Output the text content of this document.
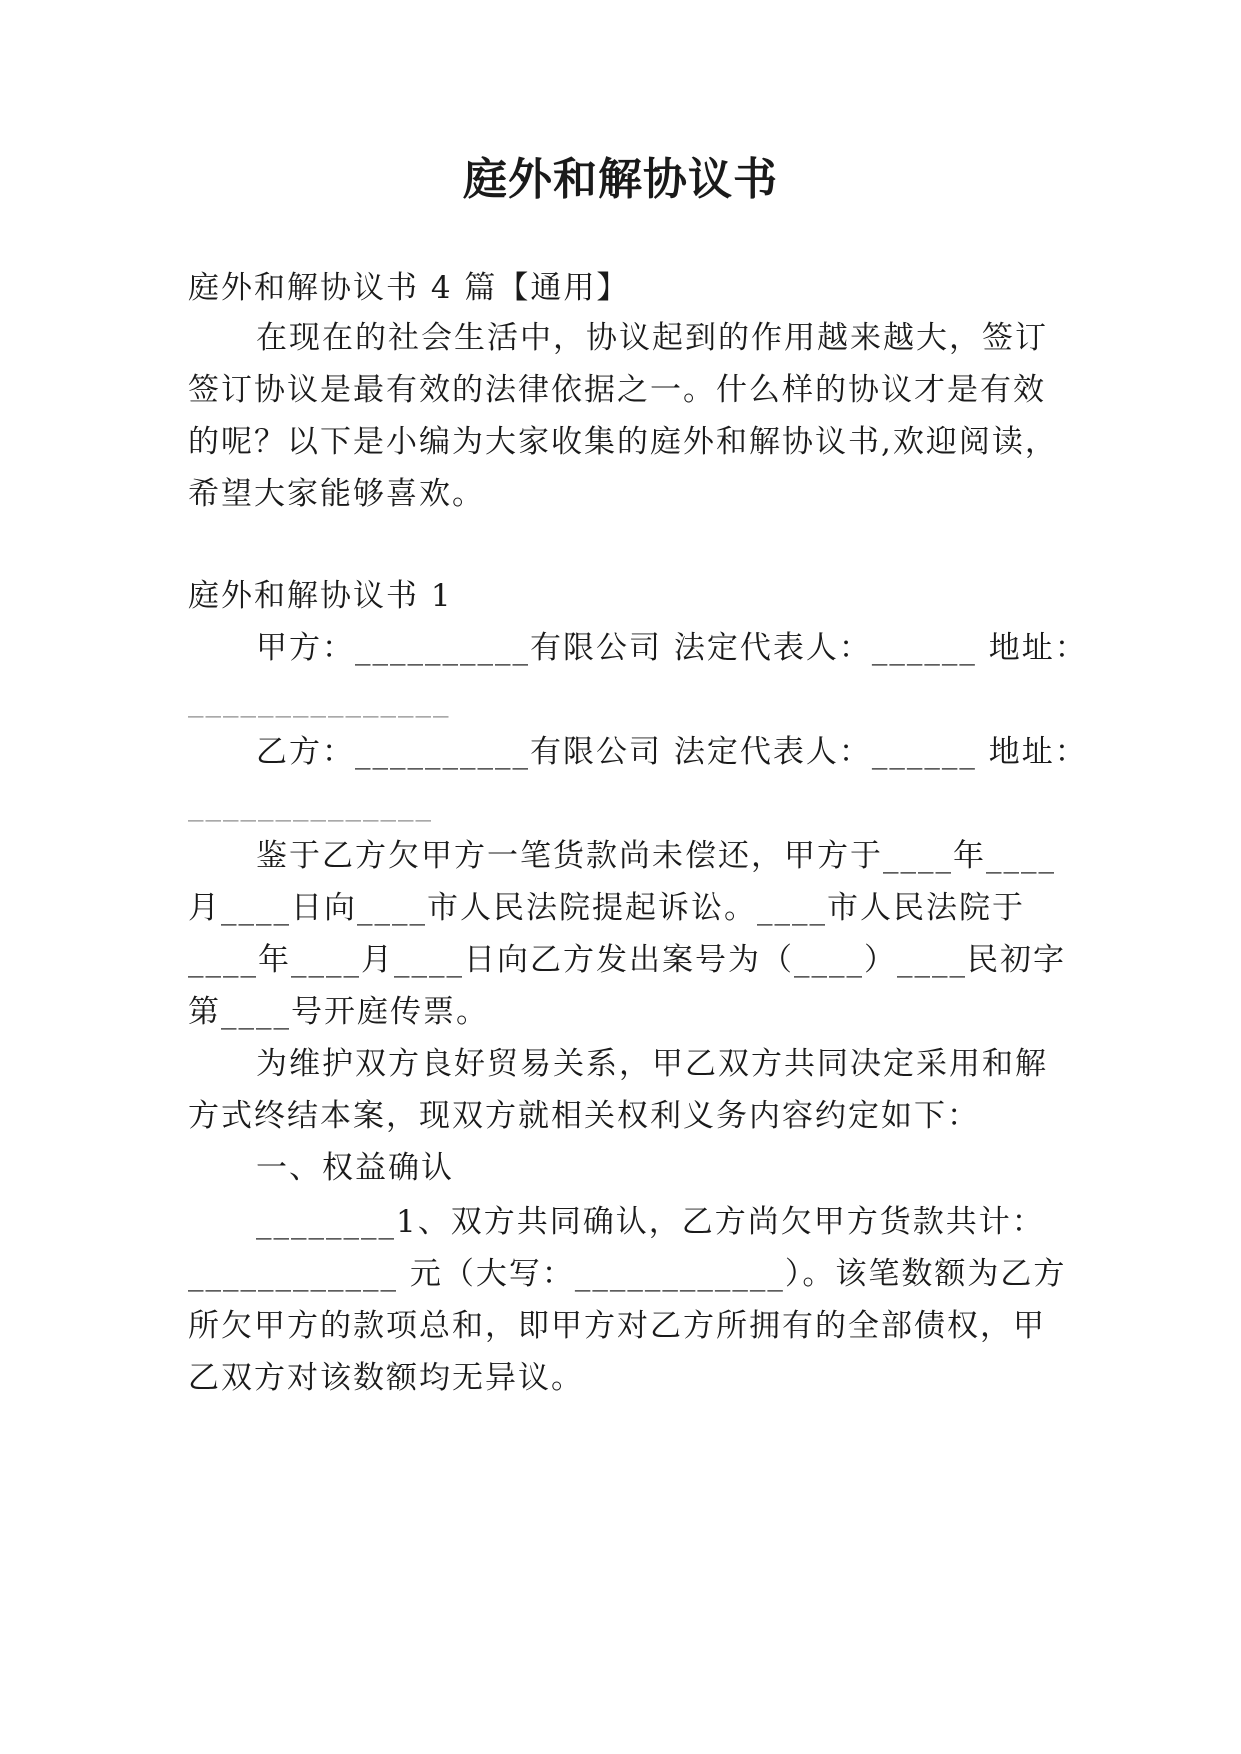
庭外和解协议书
庭外和解协议书 4 篇【通用】
在现在的社会生活中，协议起到的作用越来越大，签订
签订协议是最有效的法律依据之一。什么样的协议才是有效
的呢？以下是小编为大家收集的庭外和解协议书,欢迎阅读，
希望大家能够喜欢。
庭外和解协议书 1
甲方：__________有限公司 法定代表人：______ 地址：
_______________
乙方：__________有限公司 法定代表人：______ 地址：
______________
鉴于乙方欠甲方一笔货款尚未偿还，甲方于____年____
月____日向____市人民法院提起诉讼。____市人民法院于
____年____月____日向乙方发出案号为（____）____民初字
第____号开庭传票。
为维护双方良好贸易关系，甲乙双方共同决定采用和解
方式终结本案，现双方就相关权利义务内容约定如下：
一、权益确认
________1、双方共同确认，乙方尚欠甲方货款共计：
____________ 元（大写：____________）。该笔数额为乙方
所欠甲方的款项总和，即甲方对乙方所拥有的全部债权，甲
乙双方对该数额均无异议。
